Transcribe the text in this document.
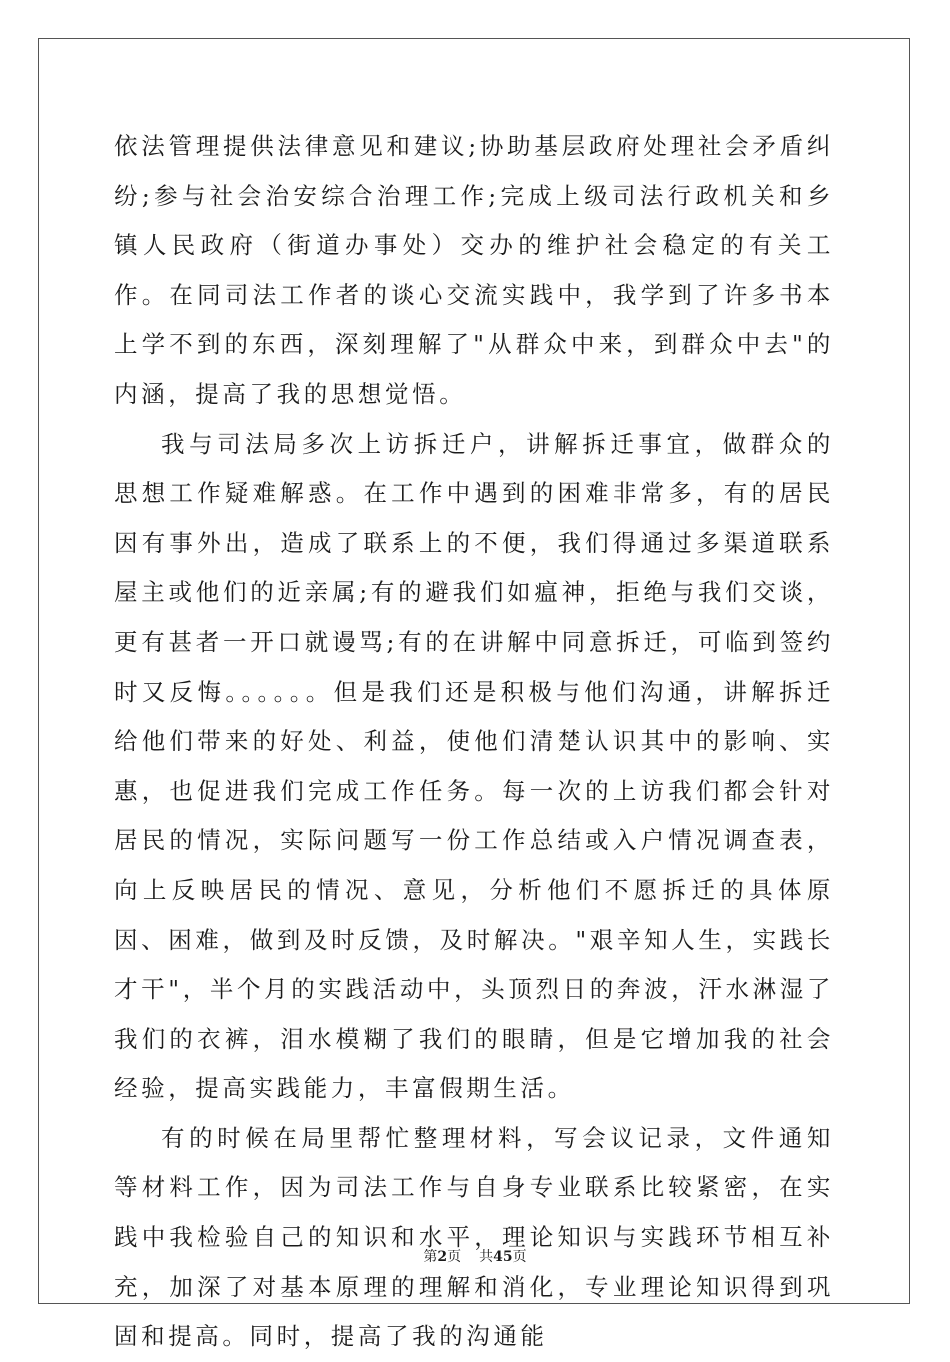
依法管理提供法律意见和建议;协助基层政府处理社会矛盾纠纷;参与社会治安综合治理工作;完成上级司法行政机关和乡镇人民政府（街道办事处）交办的维护社会稳定的有关工作。在同司法工作者的谈心交流实践中，我学到了许多书本上学不到的东西，深刻理解了"从群众中来，到群众中去"的内涵，提高了我的思想觉悟。

我与司法局多次上访拆迁户，讲解拆迁事宜，做群众的思想工作疑难解惑。在工作中遇到的困难非常多，有的居民因有事外出，造成了联系上的不便，我们得通过多渠道联系屋主或他们的近亲属;有的避我们如瘟神，拒绝与我们交谈，更有甚者一开口就谩骂;有的在讲解中同意拆迁，可临到签约时又反悔。。。。。。但是我们还是积极与他们沟通，讲解拆迁给他们带来的好处、利益，使他们清楚认识其中的影响、实惠，也促进我们完成工作任务。每一次的上访我们都会针对居民的情况，实际问题写一份工作总结或入户情况调查表，向上反映居民的情况、意见，分析他们不愿拆迁的具体原因、困难，做到及时反馈，及时解决。"艰辛知人生，实践长才干"，半个月的实践活动中，头顶烈日的奔波，汗水淋湿了我们的衣裤，泪水模糊了我们的眼睛，但是它增加我的社会经验，提高实践能力，丰富假期生活。

有的时候在局里帮忙整理材料，写会议记录，文件通知等材料工作，因为司法工作与自身专业联系比较紧密，在实践中我检验自己的知识和水平，理论知识与实践环节相互补充，加深了对基本原理的理解和消化，专业理论知识得到巩固和提高。同时，提高了我的沟通能

第2页 共45页
